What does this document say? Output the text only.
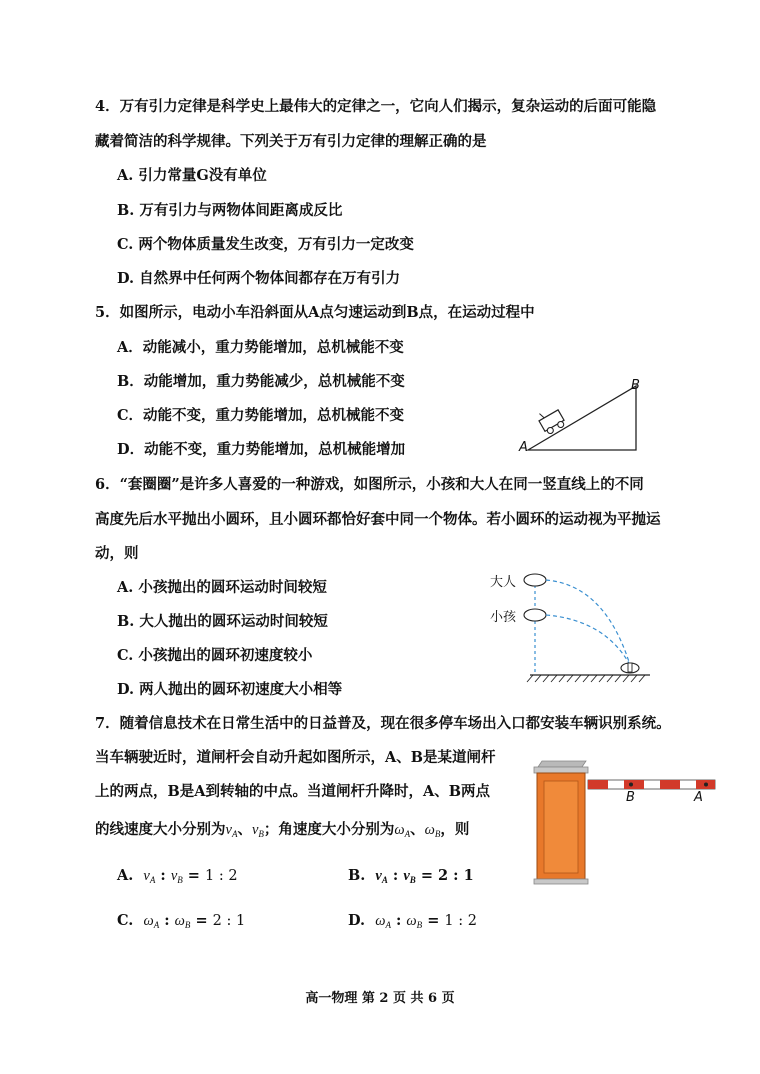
4．万有引力定律是科学史上最伟大的定律之一，它向人们揭示，复杂运动的后面可能隐
藏着简洁的科学规律。下列关于万有引力定律的理解正确的是
A. 引力常量G没有单位
B. 万有引力与两物体间距离成反比
C. 两个物体质量发生改变，万有引力一定改变
D. 自然界中任何两个物体间都存在万有引力
5．如图所示，电动小车沿斜面从A点匀速运动到B点，在运动过程中
A．动能减小，重力势能增加，总机械能不变
B．动能增加，重力势能减少，总机械能不变
C．动能不变，重力势能增加，总机械能不变
D．动能不变，重力势能增加，总机械能增加	A
B
6．“套圈圈”是许多人喜爱的一种游戏，如图所示，小孩和大人在同一竖直线上的不同
高度先后水平抛出小圆环，且小圆环都恰好套中同一个物体。若小圆环的运动视为平抛运
动，则
A. 小孩抛出的圆环运动时间较短
B. 大人抛出的圆环运动时间较短
C. 小孩抛出的圆环初速度较小
D. 两人抛出的圆环初速度大小相等
大人
小孩
7．随着信息技术在日常生活中的日益普及，现在很多停车场出入口都安装车辆识别系统。
当车辆驶近时，道闸杆会自动升起如图所示，A、B是某道闸杆
上的两点，B是A到转轴的中点。当道闸杆升降时，A、B两点
的线速度大小分别为$v_A$、$v_B$；角速度大小分别为$\omega_A$、$\omega_B$，则
A. $v_A$ : $v_B = 1$ : 2	B. $v_A$ : $v_B = 2$ : 1
C. $\omega_A$ : $\omega_B = 2$ : 1	D. $\omega_A$ : $\omega_B = 1$ : 2
B	A
高一物理 第 2 页 共 6 页
